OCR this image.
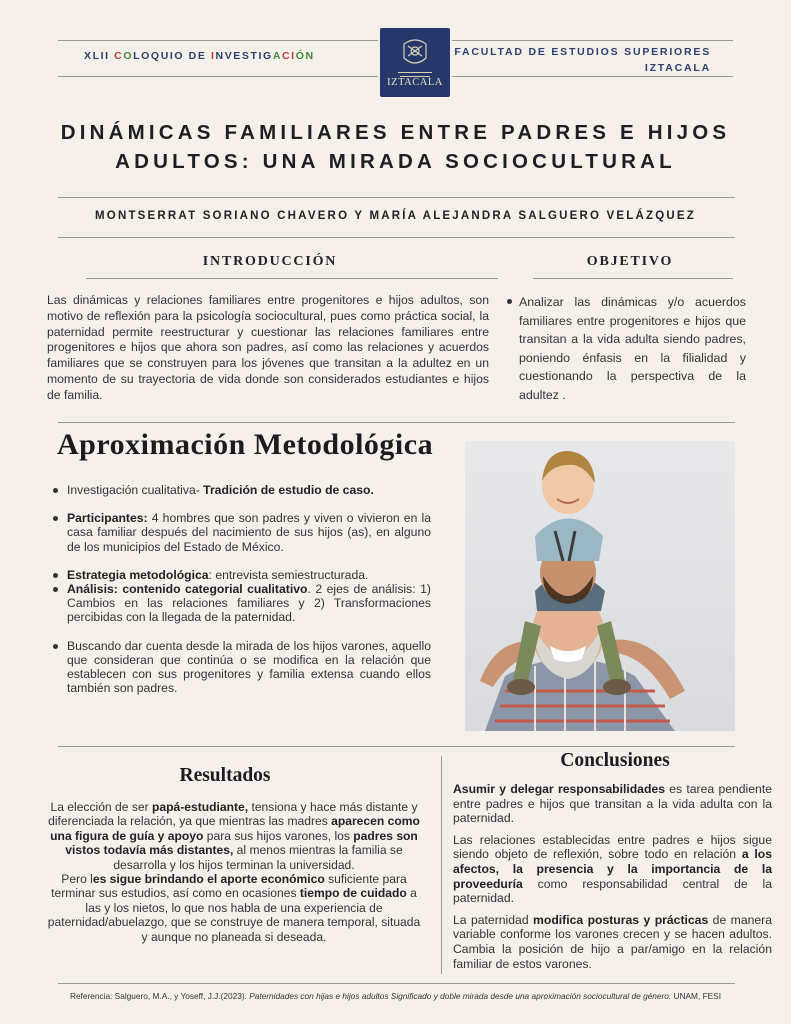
XLII COLOQUIO DE INVESTIGACIÓN
IZTACALA
FACULTAD DE ESTUDIOS SUPERIORES
IZTACALA
DINÁMICAS FAMILIARES ENTRE PADRES E HIJOS ADULTOS: UNA MIRADA SOCIOCULTURAL
MONTSERRAT SORIANO CHAVERO Y MARÍA ALEJANDRA SALGUERO VELÁZQUEZ
INTRODUCCIÓN
Las dinámicas y relaciones familiares entre progenitores e hijos adultos, son motivo de reflexión para la psicología sociocultural, pues como práctica social, la paternidad permite reestructurar y cuestionar las relaciones familiares entre progenitores e hijos que ahora son padres, así como las relaciones y acuerdos familiares que se construyen para los jóvenes que transitan a la adultez en un momento de su trayectoria de vida donde son considerados estudiantes e hijos de familia.
OBJETIVO
Analizar las dinámicas y/o acuerdos familiares entre progenitores e hijos que transitan a la vida adulta siendo padres, poniendo énfasis en la filialidad y cuestionando la perspectiva de la adultez .
Aproximación Metodológica
Investigación cualitativa- Tradición de estudio de caso.
Participantes: 4 hombres que son padres y viven o vivieron en la casa familiar después del nacimiento de sus hijos (as), en alguno de los municipios del Estado de México.
Estrategia metodológica: entrevista semiestructurada.
Análisis: contenido categorial cualitativo. 2 ejes de análisis: 1) Cambios en las relaciones familiares y 2) Transformaciones percibidas con la llegada de la paternidad.
Buscando dar cuenta desde la mirada de los hijos varones, aquello que consideran que continúa o se modifica en la relación que establecen con sus progenitores y familia extensa cuando ellos también son padres.
Resultados
La elección de ser papá-estudiante, tensiona y hace más distante y diferenciada la relación, ya que mientras las madres aparecen como una figura de guía y apoyo para sus hijos varones, los padres son vistos todavía más distantes, al menos mientras la familia se desarrolla y los hijos terminan la universidad.
Pero les sigue brindando el aporte económico suficiente para terminar sus estudios, así como en ocasiones tiempo de cuidado a las y los nietos, lo que nos habla de una experiencia de paternidad/abuelazgo, que se construye de manera temporal, situada y aunque no planeada si deseada.
Conclusiones

Asumir y delegar responsabilidades es tarea pendiente entre padres e hijos que transitan a la vida adulta con la paternidad.

Las relaciones establecidas entre padres e hijos sigue siendo objeto de reflexión, sobre todo en relación a los afectos, la presencia y la importancia de la proveeduría como responsabilidad central de la paternidad.

La paternidad modifica posturas y prácticas de manera variable conforme los varones crecen y se hacen adultos. Cambia la posición de hijo a par/amigo en la relación familiar de estos varones.

Referencia: Salguero, M.A., y Yoseff, J.J.(2023). Paternidades con hijas e hijos adultos Significado y doble mirada desde una aproximación sociocultural de género. UNAM, FESI
